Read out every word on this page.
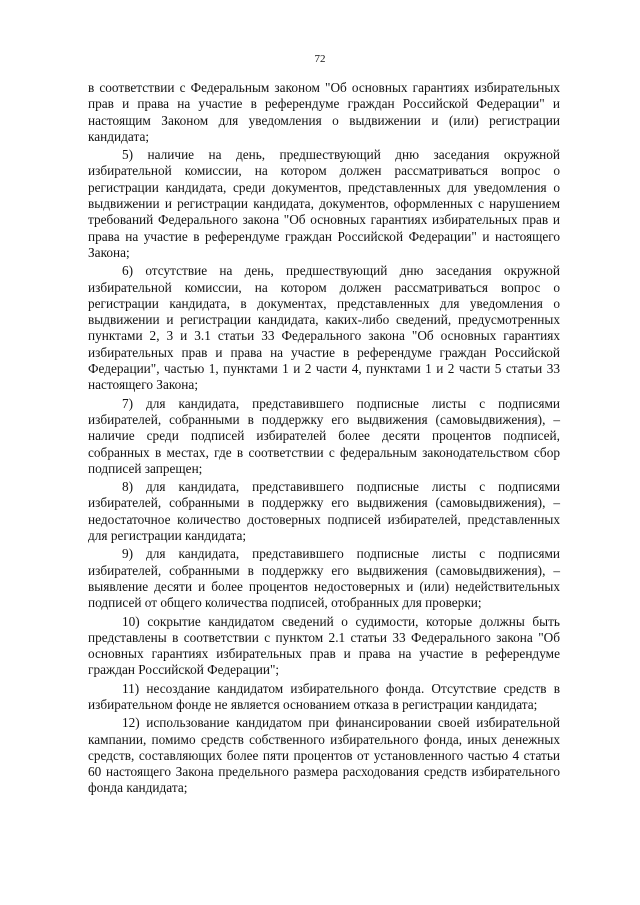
72

в соответствии с Федеральным законом "Об основных гарантиях избирательных прав и права на участие в референдуме граждан Российской Федерации" и настоящим Законом для уведомления о выдвижении и (или) регистрации кандидата;

5) наличие на день, предшествующий дню заседания окружной избирательной комиссии, на котором должен рассматриваться вопрос о регистрации кандидата, среди документов, представленных для уведомления о выдвижении и регистрации кандидата, документов, оформленных с нарушением требований Федерального закона "Об основных гарантиях избирательных прав и права на участие в референдуме граждан Российской Федерации" и настоящего Закона;

6) отсутствие на день, предшествующий дню заседания окружной избирательной комиссии, на котором должен рассматриваться вопрос о регистрации кандидата, в документах, представленных для уведомления о выдвижении и регистрации кандидата, каких-либо сведений, предусмотренных пунктами 2, 3 и 3.1 статьи 33 Федерального закона "Об основных гарантиях избирательных прав и права на участие в референдуме граждан Российской Федерации", частью 1, пунктами 1 и 2 части 4, пунктами 1 и 2 части 5 статьи 33 настоящего Закона;

7) для кандидата, представившего подписные листы с подписями избирателей, собранными в поддержку его выдвижения (самовыдвижения), – наличие среди подписей избирателей более десяти процентов подписей, собранных в местах, где в соответствии с федеральным законодательством сбор подписей запрещен;

8) для кандидата, представившего подписные листы с подписями избирателей, собранными в поддержку его выдвижения (самовыдвижения), – недостаточное количество достоверных подписей избирателей, представленных для регистрации кандидата;

9) для кандидата, представившего подписные листы с подписями избирателей, собранными в поддержку его выдвижения (самовыдвижения), – выявление десяти и более процентов недостоверных и (или) недействительных подписей от общего количества подписей, отобранных для проверки;

10) сокрытие кандидатом сведений о судимости, которые должны быть представлены в соответствии с пунктом 2.1 статьи 33 Федерального закона "Об основных гарантиях избирательных прав и права на участие в референдуме граждан Российской Федерации";

11) несоздание кандидатом избирательного фонда. Отсутствие средств в избирательном фонде не является основанием отказа в регистрации кандидата;

12) использование кандидатом при финансировании своей избирательной кампании, помимо средств собственного избирательного фонда, иных денежных средств, составляющих более пяти процентов от установленного частью 4 статьи 60 настоящего Закона предельного размера расходования средств избирательного фонда кандидата;
